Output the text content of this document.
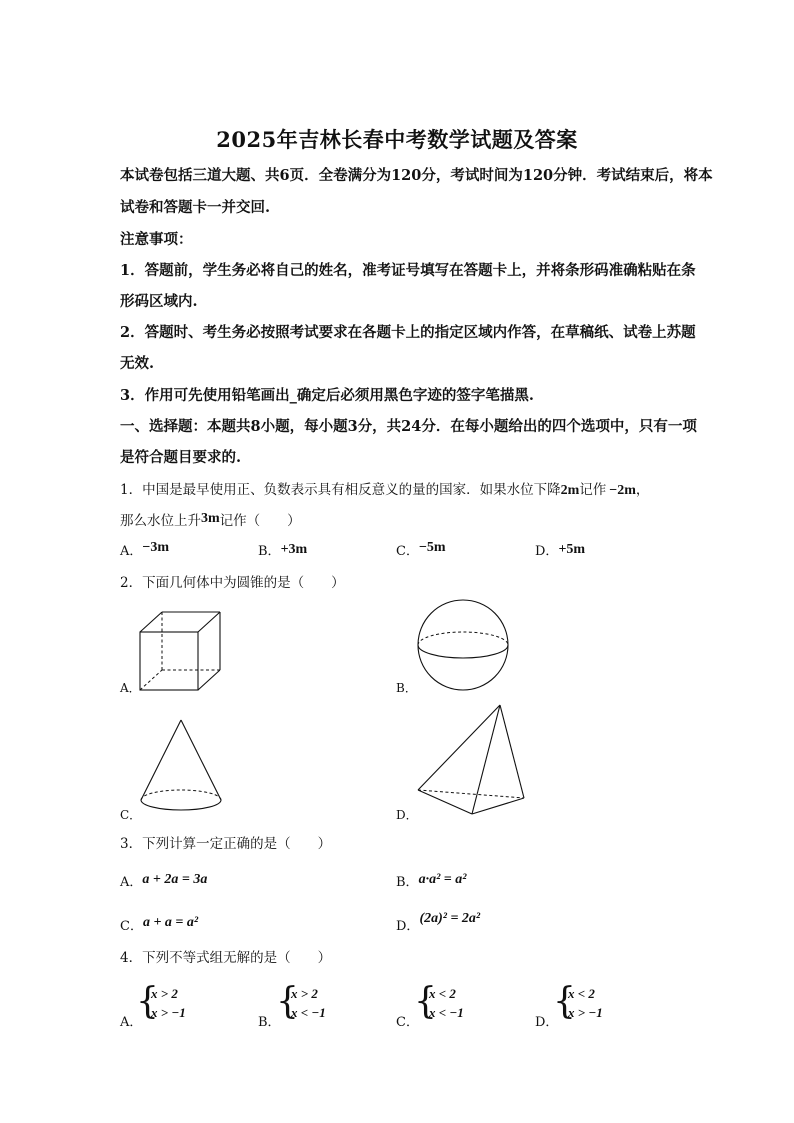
2025年吉林长春中考数学试题及答案
本试卷包括三道大题、共6页．全卷满分为120分，考试时间为120分钟．考试结束后，将本
试卷和答题卡一并交回.
注意事项：
1．答题前，学生务必将自己的姓名，准考证号填写在答题卡上，并将条形码准确粘贴在条
形码区域内.
2．答题时、考生务必按照考试要求在各题卡上的指定区域内作答，在草稿纸、试卷上苏题
无效.
3．作用可先使用铅笔画出_确定后必须用黑色字迹的签字笔描黑.
一、选择题：本题共8小题，每小题3分，共24分．在每小题给出的四个选项中，只有一项
是符合题目要求的.
1．中国是最早使用正、负数表示具有相反意义的量的国家．如果水位下降2m记作 −2m，
那么水位上升3m记作（　　）
A．−3m	B．+3m	C．−5m	D．+5m
2．下面几何体中为圆锥的是（　　）
A．	B．
C．	D．
3．下列计算一定正确的是（　　）
A．a + 2a = 3a	B．a·a² = a²
C．a + a = a²	D．(2a)² = 2a²
4．下列不等式组无解的是（　　）
A．
{
x > 2
x > −1
B．
{
x > 2
x < −1
C．
{
x < 2
x < −1
D．
{
x < 2
x > −1
